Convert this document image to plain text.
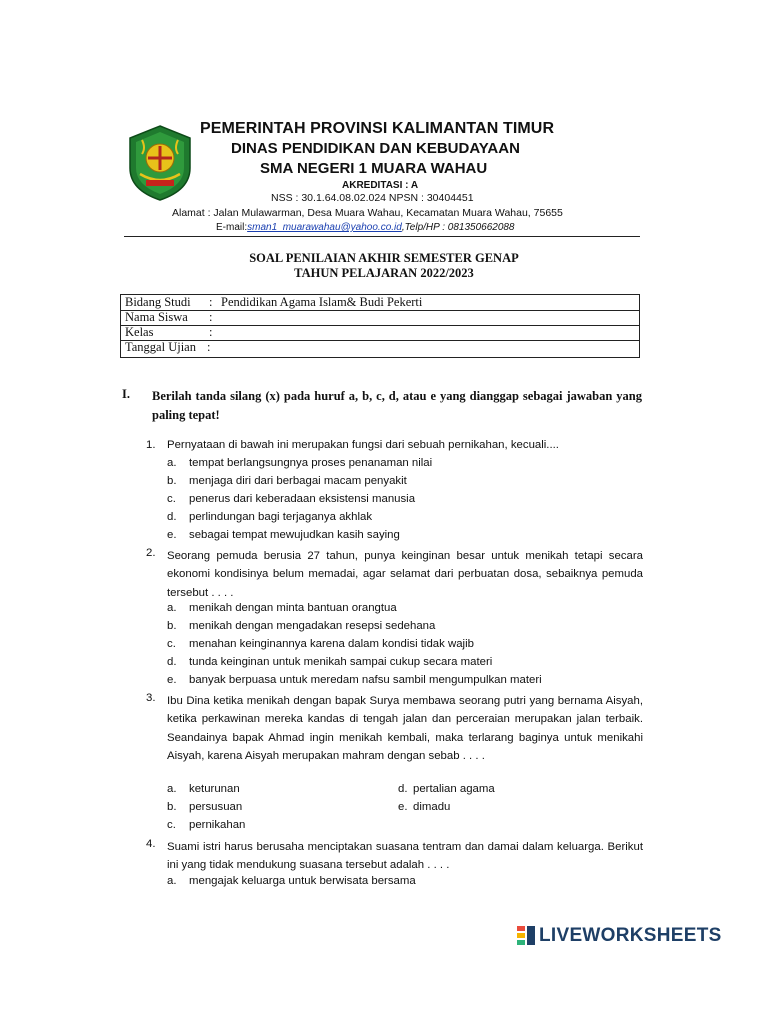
PEMERINTAH PROVINSI KALIMANTAN TIMUR
DINAS PENDIDIKAN DAN KEBUDAYAAN
SMA NEGERI 1 MUARA WAHAU
AKREDITASI : A
NSS : 30.1.64.08.02.024 NPSN : 30404451
Alamat : Jalan Mulawarman, Desa Muara Wahau, Kecamatan Muara Wahau, 75655
E-mail:sman1_muarawahau@yahoo.co.id,Telp/HP : 081350662088
SOAL PENILAIAN AKHIR SEMESTER GENAP
TAHUN PELAJARAN 2022/2023
Bidang Studi : Pendidikan Agama Islam& Budi Pekerti
Nama Siswa :
Kelas	:
Tanggal Ujian :
I. Berilah tanda silang (x) pada huruf a, b, c, d, atau e yang dianggap sebagai jawaban yang paling tepat!
1. Pernyataan di bawah ini merupakan fungsi dari sebuah pernikahan, kecuali....
a. tempat berlangsungnya proses penanaman nilai
b. menjaga diri dari berbagai macam penyakit
c. penerus dari keberadaan eksistensi manusia
d. perlindungan bagi terjaganya akhlak
e. sebagai tempat mewujudkan kasih saying
2. Seorang pemuda berusia 27 tahun, punya keinginan besar untuk menikah tetapi secara ekonomi kondisinya belum memadai, agar selamat dari perbuatan dosa, sebaiknya pemuda tersebut . . . .
a. menikah dengan minta bantuan orangtua
b. menikah dengan mengadakan resepsi sedehana
c. menahan keinginannya karena dalam kondisi tidak wajib
d. tunda keinginan untuk menikah sampai cukup secara materi
e. banyak berpuasa untuk meredam nafsu sambil mengumpulkan materi
3. Ibu Dina ketika menikah dengan bapak Surya membawa seorang putri yang bernama Aisyah, ketika perkawinan mereka kandas di tengah jalan dan perceraian merupakan jalan terbaik. Seandainya bapak Ahmad ingin menikah kembali, maka terlarang baginya untuk menikahi Aisyah, karena Aisyah merupakan mahram dengan sebab . . . .
a. keturunan
b. persusuan
c. pernikahan
d. pertalian agama
e. dimadu
4. Suami istri harus berusaha menciptakan suasana tentram dan damai dalam keluarga. Berikut ini yang tidak mendukung suasana tersebut adalah . . . .
a. mengajak keluarga untuk berwisata bersama
LIVEWORKSHEETS
